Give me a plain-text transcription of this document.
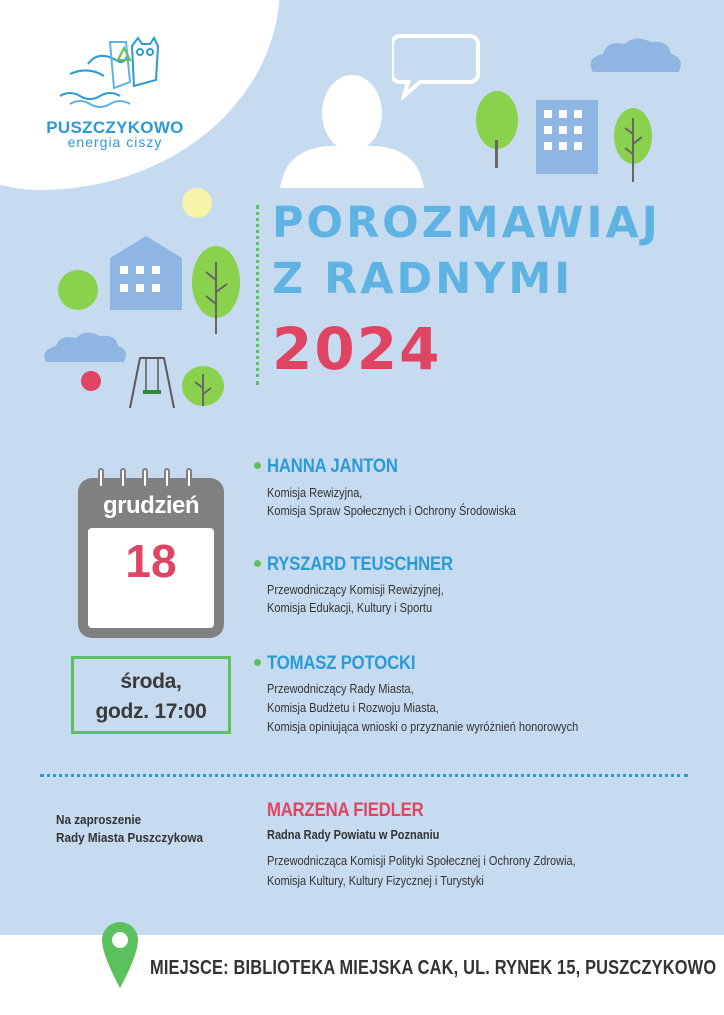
PUSZCZYKOWO
energia ciszy
PORОZMAWIAJ
Z RADNYMI
2024
grudzień
18
środa,
godz. 17:00
HANNA JANTON
Komisja Rewizyjna,
Komisja Spraw Społecznych i Ochrony Środowiska
RYSZARD TEUSCHNER
Przewodniczący Komisji Rewizyjnej,
Komisja Edukacji, Kultury i Sportu
TOMASZ POTOCKI
Przewodniczący Rady Miasta,
Komisja Budżetu i Rozwoju Miasta,
Komisja opiniująca wnioski o przyznanie wyróżnień honorowych
Na zaproszenie
Rady Miasta Puszczykowa
MARZENA FIEDLER
Radna Rady Powiatu w Poznaniu
Przewodnicząca Komisji Polityki Społecznej i Ochrony Zdrowia,
Komisja Kultury, Kultury Fizycznej i Turystyki
MIEJSCE: BIBLIOTEKA MIEJSKA CAK, UL. RYNEK 15, PUSZCZYKOWO
